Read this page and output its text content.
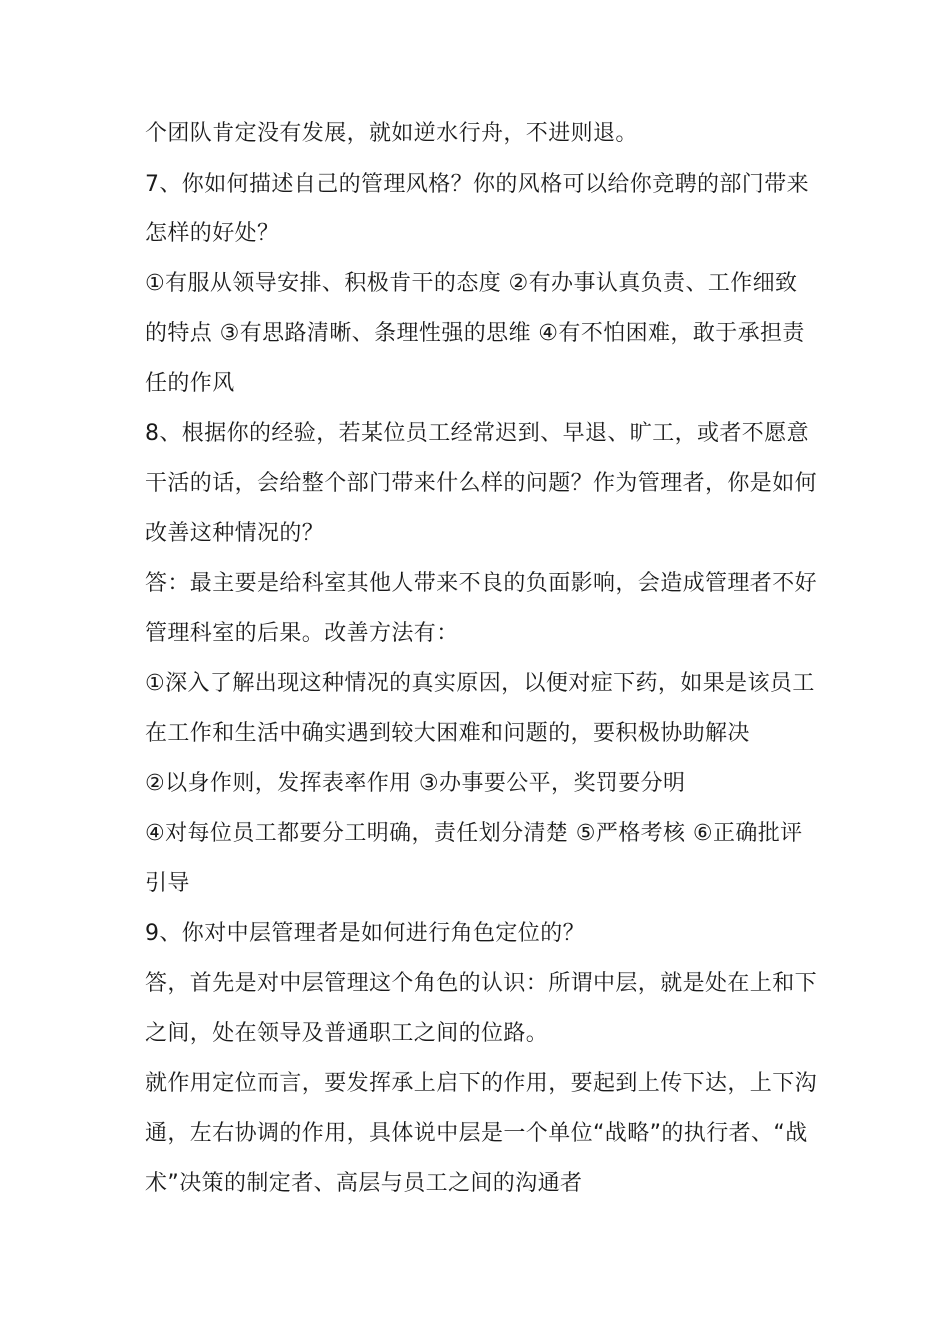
个团队肯定没有发展，就如逆水行舟，不进则退。
7、你如何描述自己的管理风格？你的风格可以给你竞聘的部门带来
怎样的好处？
①有服从领导安排、积极肯干的态度 ②有办事认真负责、工作细致
的特点 ③有思路清晰、条理性强的思维 ④有不怕困难，敢于承担责
任的作风
8、根据你的经验，若某位员工经常迟到、早退、旷工，或者不愿意
干活的话，会给整个部门带来什么样的问题？作为管理者，你是如何
改善这种情况的？
答：最主要是给科室其他人带来不良的负面影响，会造成管理者不好
管理科室的后果。改善方法有：
①深入了解出现这种情况的真实原因，以便对症下药，如果是该员工
在工作和生活中确实遇到较大困难和问题的，要积极协助解决
②以身作则，发挥表率作用 ③办事要公平，奖罚要分明
④对每位员工都要分工明确，责任划分清楚 ⑤严格考核 ⑥正确批评
引导
9、你对中层管理者是如何进行角色定位的？
答，首先是对中层管理这个角色的认识：所谓中层，就是处在上和下
之间，处在领导及普通职工之间的位路。
就作用定位而言，要发挥承上启下的作用，要起到上传下达，上下沟
通，左右协调的作用，具体说中层是一个单位“战略”的执行者、“战
术”决策的制定者、高层与员工之间的沟通者
